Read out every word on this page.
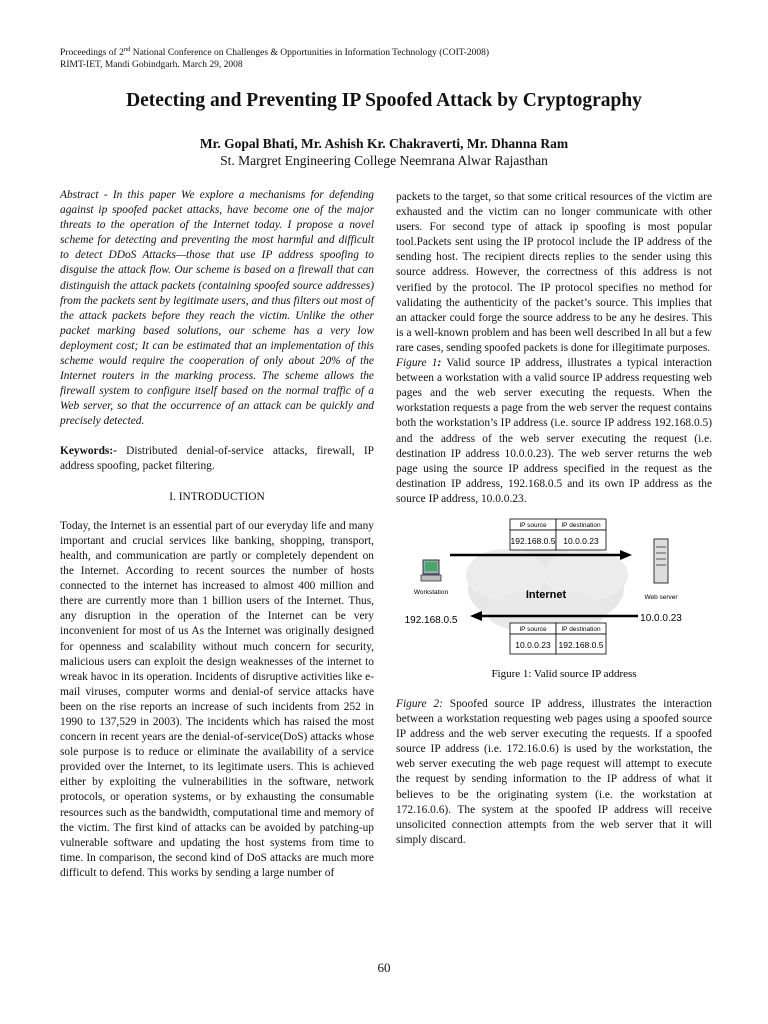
Proceedings of 2nd National Conference on Challenges & Opportunities in Information Technology (COIT-2008)
RIMT-IET, Mandi Gobindgarh. March 29, 2008
Detecting and Preventing IP Spoofed Attack by Cryptography
Mr. Gopal Bhati, Mr. Ashish Kr. Chakraverti, Mr. Dhanna Ram
St. Margret Engineering College Neemrana Alwar Rajasthan

Abstract - In this paper We explore a mechanisms for defending against ip spoofed packet attacks, have become one of the major threats to the operation of the Internet today. I propose a novel scheme for detecting and preventing the most harmful and difficult to detect DDoS Attacks—those that use IP address spoofing to disguise the attack flow. Our scheme is based on a firewall that can distinguish the attack packets (containing spoofed source addresses) from the packets sent by legitimate users, and thus filters out most of the attack packets before they reach the victim. Unlike the other packet marking based solutions, our scheme has a very low deployment cost; It can be estimated that an implementation of this scheme would require the cooperation of only about 20% of the Internet routers in the marking process. The scheme allows the firewall system to configure itself based on the normal traffic of a Web server, so that the occurrence of an attack can be quickly and precisely detected.

Keywords:- Distributed denial-of-service attacks, firewall, IP address spoofing, packet filtering.

I. INTRODUCTION

Today, the Internet is an essential part of our everyday life and many important and crucial services like banking, shopping, transport, health, and communication are partly or completely dependent on the Internet. According to recent sources the number of hosts connected to the internet has increased to almost 400 million and there are currently more than 1 billion users of the Internet. Thus, any disruption in the operation of the Internet can be very inconvenient for most of us As the Internet was originally designed for openness and scalability without much concern for security, malicious users can exploit the design weaknesses of the internet to wreak havoc in its operation. Incidents of disruptive activities like e-mail viruses, computer worms and denial-of service attacks have been on the rise reports an increase of such incidents from 252 in 1990 to 137,529 in 2003). The incidents which has raised the most concern in recent years are the denial-of-service(DoS) attacks whose sole purpose is to reduce or eliminate the availability of a service provided over the Internet, to its legitimate users. This is achieved either by exploiting the vulnerabilities in the software, network protocols, or operation systems, or by exhausting the consumable resources such as the bandwidth, computational time and memory of the victim. The first kind of attacks can be avoided by patching-up vulnerable software and updating the host systems from time to time. In comparison, the second kind of DoS attacks are much more difficult to defend. This works by sending a large number of

packets to the target, so that some critical resources of the victim are exhausted and the victim can no longer communicate with other users. For second type of attack ip spoofing is most popular tool.Packets sent using the IP protocol include the IP address of the sending host. The recipient directs replies to the sender using this source address. However, the correctness of this address is not verified by the protocol. The IP protocol specifies no method for validating the authenticity of the packet’s source. This implies that an attacker could forge the source address to be any he desires. This is a well-known problem and has been well described In all but a few rare cases, sending spoofed packets is done for illegitimate purposes.

Figure 1: Valid source IP address, illustrates a typical interaction between a workstation with a valid source IP address requesting web pages and the web server executing the requests. When the workstation requests a page from the web server the request contains both the workstation’s IP address (i.e. source IP address 192.168.0.5) and the address of the web server executing the request (i.e. destination IP address 10.0.0.23). The web server returns the web page using the source IP address specified in the request as the destination IP address, 192.168.0.5 and its own IP address as the source IP address, 10.0.0.23.

Internet
IP source IP destination
192.168.0.5 10.0.0.23
Workstation
192.168.0.5
Web server
10.0.0.23
IP source IP destination
10.0.0.23 192.168.0.5
Figure 1: Valid source IP address

Figure 2: Spoofed source IP address, illustrates the interaction between a workstation requesting web pages using a spoofed source IP address and the web server executing the requests. If a spoofed source IP address (i.e. 172.16.0.6) is used by the workstation, the web server executing the web page request will attempt to execute the request by sending information to the IP address of what it believes to be the originating system (i.e. the workstation at 172.16.0.6). The system at the spoofed IP address will receive unsolicited connection attempts from the web server that it will simply discard.

60
